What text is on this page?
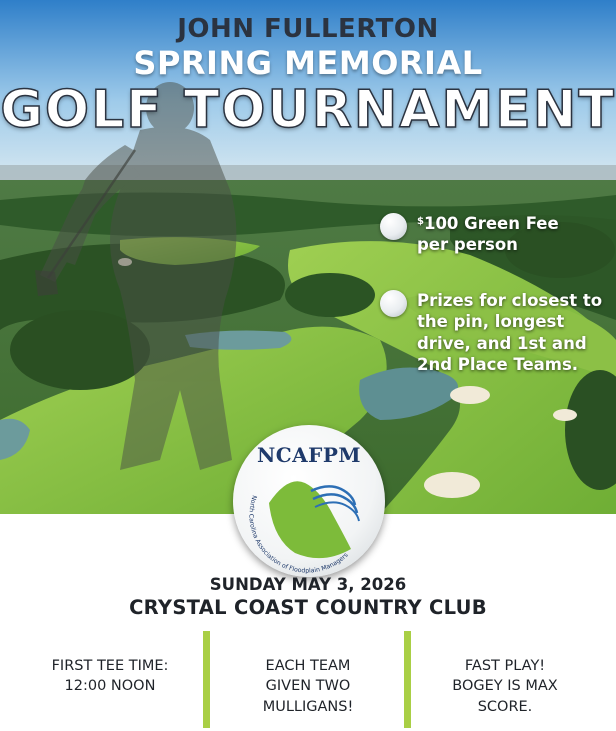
JOHN FULLERTON
SPRING MEMORIAL
GOLF TOURNAMENT
$100 Green Fee per person
Prizes for closest to the pin, longest drive, and 1st and 2nd Place Teams.
NCAFPM
North Carolina Association of Floodplain Managers
SUNDAY MAY 3, 2026
CRYSTAL COAST COUNTRY CLUB
FIRST TEE TIME:
12:00 NOON
EACH TEAM
GIVEN TWO
MULLIGANS!
FAST PLAY!
BOGEY IS MAX
SCORE.
